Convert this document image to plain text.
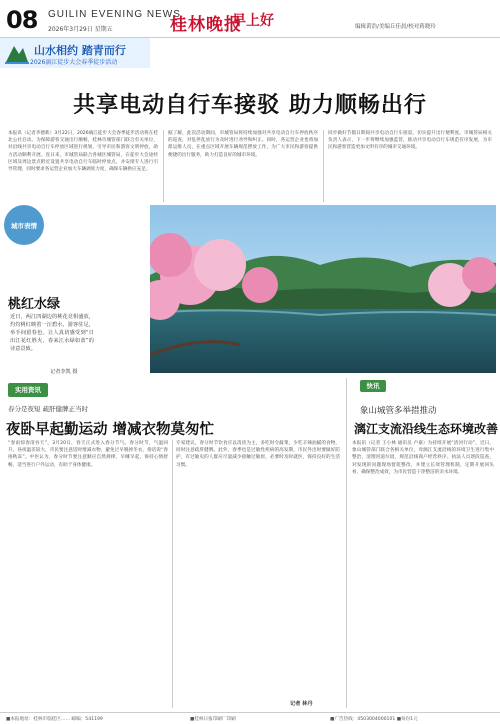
08 GUILIN EVENING NEWS
2026年3月29日 星期五	桂林晚报
早上好	编辑黄浩/美编丘佳晨/校对蒋晓玲
山水相约 踏青而行
2026漓江徒步大会春季徒步活动
共享电动自行车接驳 助力顺畅出行
本报讯（记者李德新）3月22日，2026漓江徒步大会春季徒步活动将在桂北公社启动。为保障游客交通出行顺畅，桂林市城管部门联合有关单位，对沿线共享电动自行车停放区域进行规划，引导市民和游客文明停放，助力活动顺利开展。连日来，市城管局联合各城区城管局，在徒步大会途经区域及周边景点附近设置共享电动自行车临时停放点，并安排专人进行引导管理，同时要求各运营企业加大车辆调度力度，确保车辆供应充足。
据了解，此次活动期间，市城管局将持续加强对共享电动自行车停放秩序的巡查，对乱停乱放行为及时进行劝导和纠正。同时，各运营企业也将加派运维人员，在重点区域开展车辆规范摆放工作，为广大市民和游客提供便捷的出行服务，助力打造良好的城市环境。
同步做好节假日期间共享电动自行车接驳，切实提升出行便利度。市城管局相关负责人表示，下一步将继续加强监管，推动共享电动自行车规范有序发展，为市民和游客营造更加文明有序的城市交通环境。
城市表情
桃红水绿
近日，两江四湖边的桃花竞相盛放，灼灼桃红映着一汪碧水，游客驻足，举手间留春色。让人真切感受到“日出江花红胜火，春来江水绿如蓝”的诗意景致。
记者李凯 摄
实用资讯
春分是夜短 疏肝健脾正当时
夜卧早起勤运动 增减衣物莫匆忙
“春雨惊春清谷天”，3月20日，春天正式进入春分节气。春分时节，气温回升，昼夜温差较大，市民要注意适时增减衣物，避免过早脱掉冬衣，俗话说“春捂秋冻”。中医认为，春分时节要注意顺应自然规律，早睡早起，保持心情舒畅，适当进行户外运动，有助于身体健康。
专家建议，春分时节饮食应以清淡为主，多吃时令蔬菜，少吃辛辣油腻的食物，同时注意疏肝健脾。此外，春季也是过敏性疾病的高发期，市民外出时要做好防护，有过敏史的人群应尽量减少接触过敏原，必要时及时就医，保持良好的生活习惯。
记者 林丹
快讯
象山城管多举措推动
漓江支流沿线生态环境改善
本报讯（记者 王小林 通讯员 卢嘉）为持续开展“清河行动”，近日，象山城管部门联合各相关单位，对漓江支流沿线的环境卫生进行集中整治，清理河道垃圾，规范沿线商户经营秩序。执法人员逐段巡查，对发现的问题现场督促整改，并建立长效管理机制，定期开展回头看，确保整治成效，为市民营造干净整洁的亲水环境。
■本报地址：桂林市临桂区…… 邮编：541199	■桂林日报印刷厂印刷	■广告热线：4503004000101 ■每份1元
